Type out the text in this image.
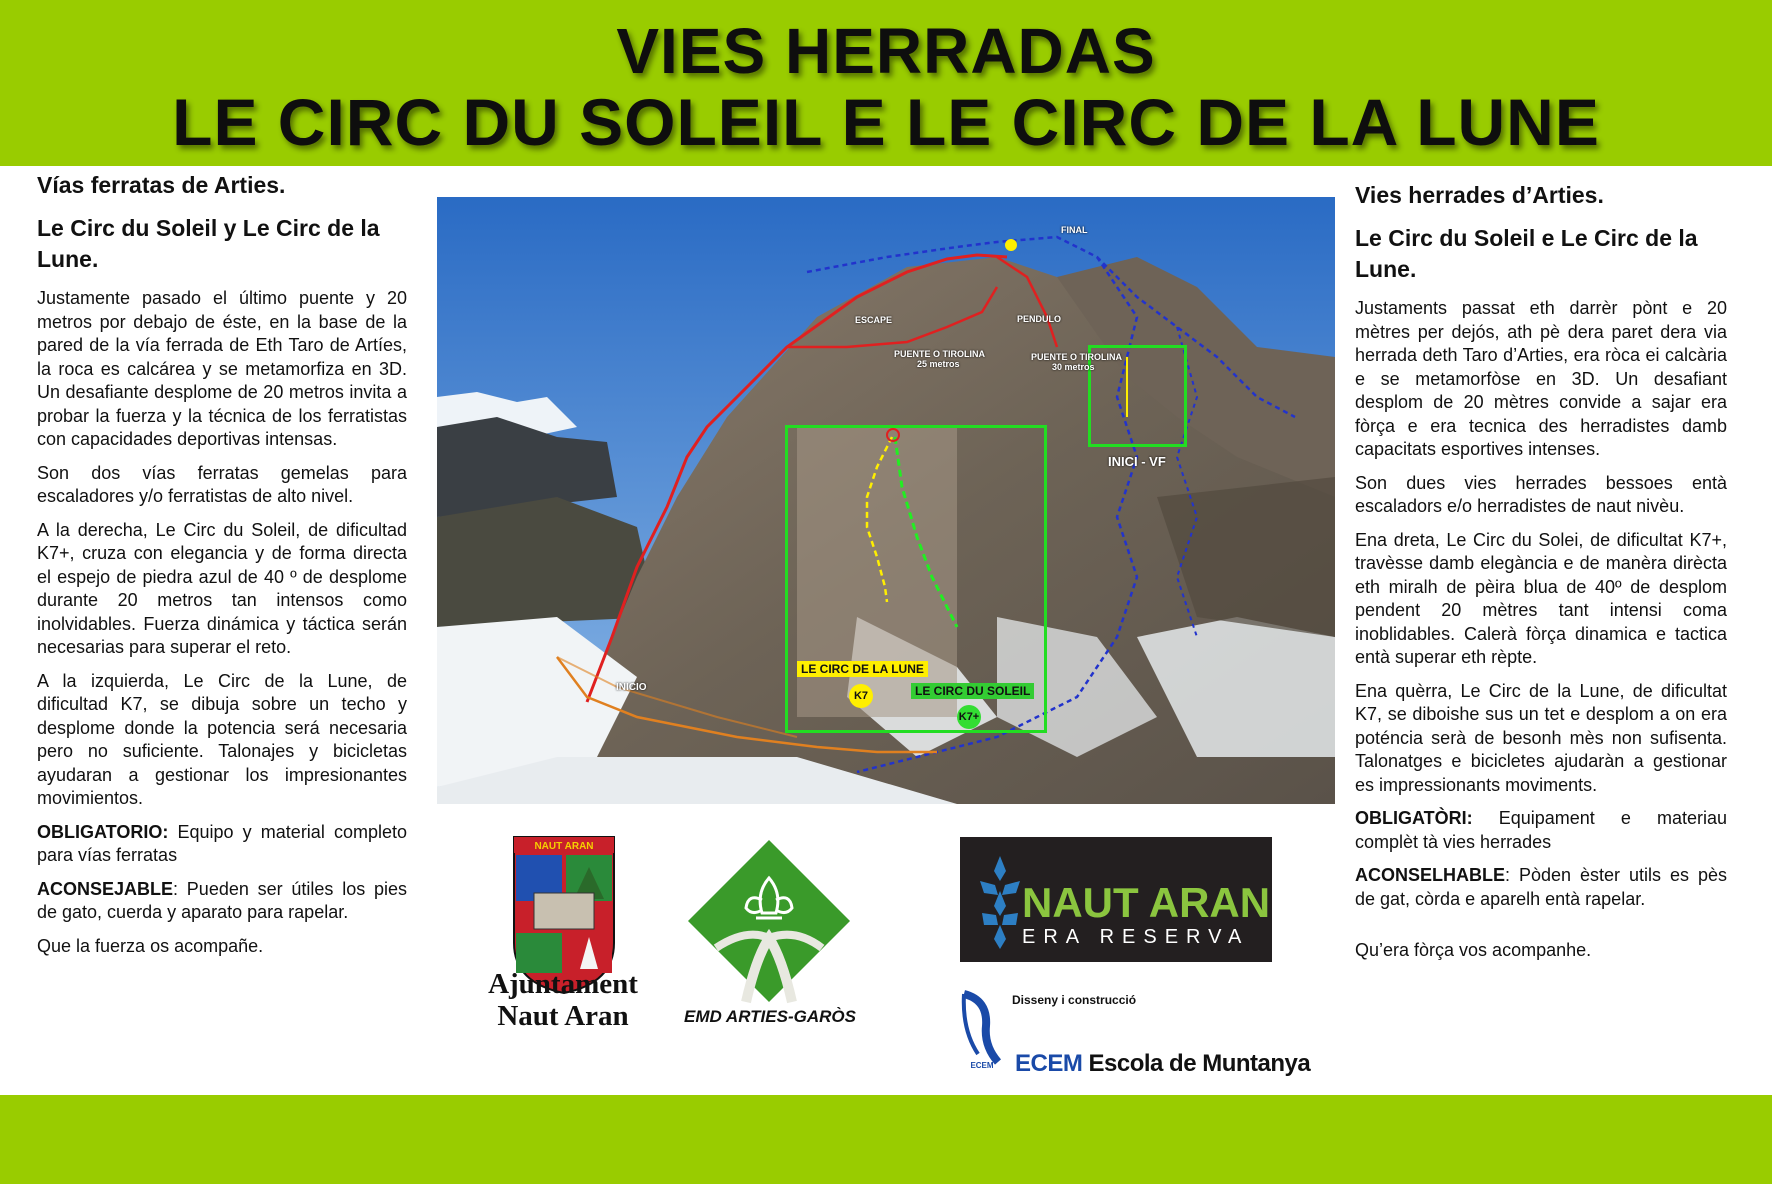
VIES HERRADAS
LE CIRC DU SOLEIL E LE CIRC DE LA LUNE
Vías ferratas de Arties.
Le Circ du Soleil y Le Circ de la Lune.

Justamente pasado el último puente y 20 metros por debajo de éste, en la base de la pared de la vía ferrada de Eth Taro de Artíes, la roca es calcárea y se metamorfiza en 3D. Un desafiante desplome de 20 metros invita a probar la fuerza y la técnica de los ferratistas con capacidades deportivas intensas.

Son dos vías ferratas gemelas para escaladores y/o ferratistas de alto nivel.

A la derecha, Le Circ du Soleil, de dificultad K7+, cruza con elegancia y de forma directa el espejo de piedra azul de 40 º de desplome durante 20 metros tan intensos como inolvidables. Fuerza dinámica y táctica serán necesarias para superar el reto.

A la izquierda, Le Circ de la Lune, de dificultad K7, se dibuja sobre un techo y desplome donde la potencia será necesaria pero no suficiente. Talonajes y bicicletas ayudaran a gestionar los impresionantes movimientos.

OBLIGATORIO: Equipo y material completo para vías ferratas

ACONSEJABLE: Pueden ser útiles los pies de gato, cuerda y aparato para rapelar.

Que la fuerza os acompañe.

FINAL
ESCAPE	PENDULO
PUENTE O TIROLINA
25 metros
PUENTE O TIROLINA
30 metros
INICI - VF
INICIO
LE CIRC DE LA LUNE
K7	LE CIRC DU SOLEIL
K7+
Vies herrades d’Arties.
Le Circ du Soleil e Le Circ de la Lune.

Justaments passat eth darrèr pònt e 20 mètres per dejós, ath pè dera paret dera via herrada deth Taro d’Arties, era ròca ei calcària e se metamorfòse en 3D. Un desafiant desplom de 20 mètres convide a sajar era fòrça e era tecnica des herradistes damb capacitats esportives intenses.

Son dues vies herrades bessoes entà escaladors e/o herradistes de naut nivèu.

Ena dreta, Le Circ du Solei, de dificultat K7+, travèsse damb elegància e de manèra dirècta eth miralh de pèira blua de 40º de desplom pendent 20 mètres tant intensi coma inoblidables. Calerà fòrça dinamica e tactica entà superar eth rèpte.

Ena quèrra, Le Circ de la Lune, de dificultat K7, se diboishe sus un tet e desplom a on era poténcia serà de besonh mès non sufisenta. Talonatges e bicicletes ajudaràn a gestionar es impressionants moviments.

OBLIGATÒRI: Equipament e materiau complèt tà vies herrades

ACONSELHABLE: Pòden èster utils es pès de gat, còrda e aparelh entà rapelar.

Qu’era fòrça vos acompanhe.

NAUT ARAN
Ajuntament
Naut Aran	EMD ARTIES-GARÒS
NAUT ARAN
ERA RESERVA
Disseny i construcció
ECEM ECEM Escola de Muntanya
